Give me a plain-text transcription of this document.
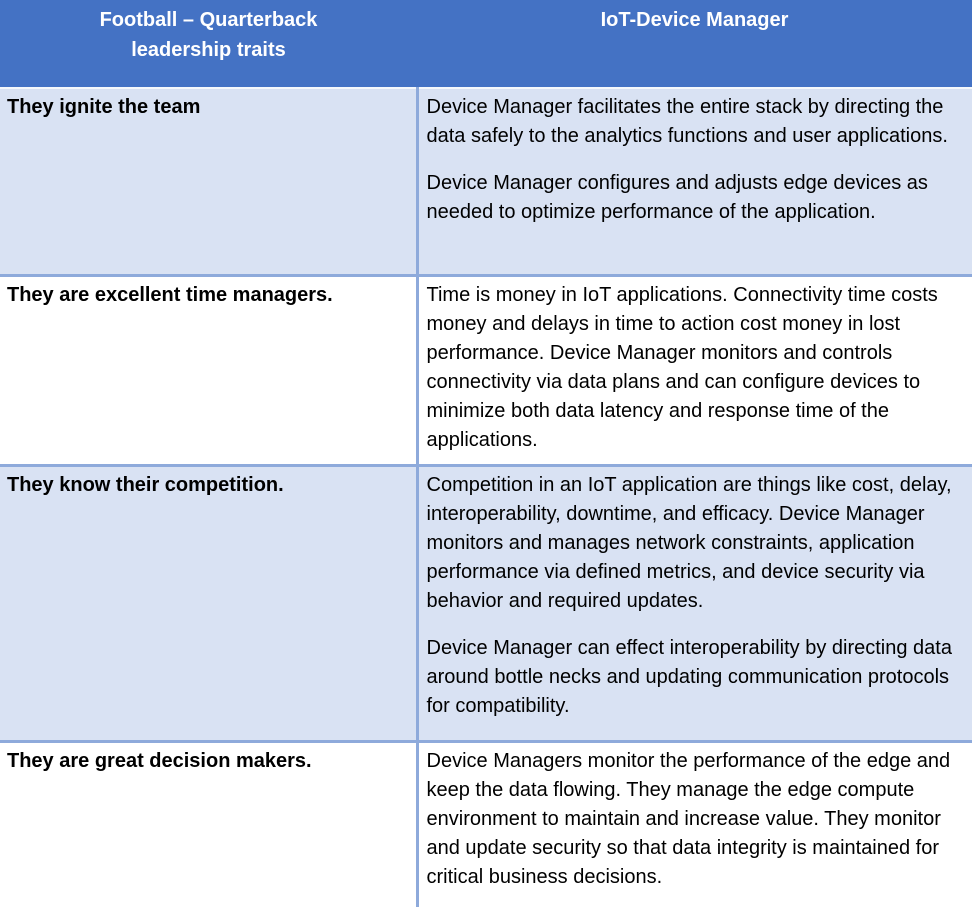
Football – Quarterback leadership traits	IoT-Device Manager
They ignite the team	Device Manager facilitates the entire stack by directing the data safely to the analytics functions and user applications.

Device Manager configures and adjusts edge devices as needed to optimize performance of the application.

They are excellent time managers.	Time is money in IoT applications. Connectivity time costs money and delays in time to action cost money in lost performance. Device Manager monitors and controls connectivity via data plans and can configure devices to minimize both data latency and response time of the applications.

They know their competition.	Competition in an IoT application are things like cost, delay, interoperability, downtime, and efficacy. Device Manager monitors and manages network constraints, application performance via defined metrics, and device security via behavior and required updates.

Device Manager can effect interoperability by directing data around bottle necks and updating communication protocols for compatibility.

They are great decision makers.	Device Managers monitor the performance of the edge and keep the data flowing. They manage the edge compute environment to maintain and increase value. They monitor and update security so that data integrity is maintained for critical business decisions.
